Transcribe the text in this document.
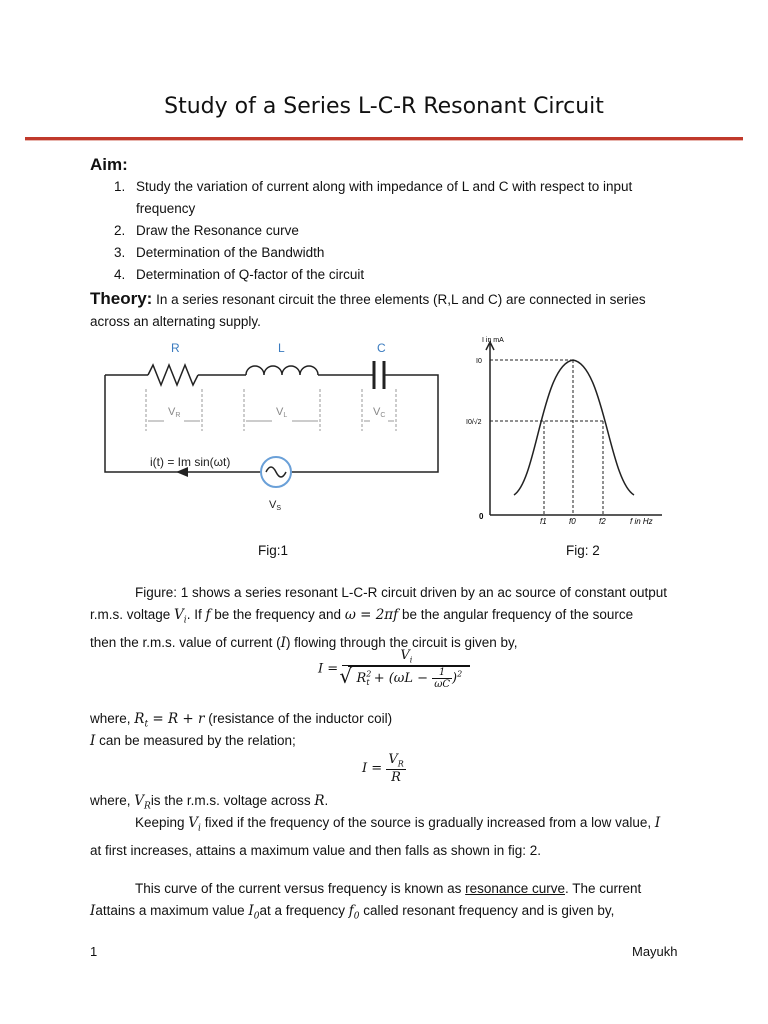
Study of a Series L-C-R Resonant Circuit
Aim:
1. Study the variation of current along with impedance of L and C with respect to input
frequency
2. Draw the Resonance curve
3. Determination of the Bandwidth
4. Determination of Q-factor of the circuit
Theory: In a series resonant circuit the three elements (R,L and C) are connected in series
across an alternating supply.
R	L	C
VR	VL	VC
i(t) = Im sin(ωt)
VS
I in mA
I0
I0/√2
0
f1	f0	f2	f in Hz
Fig:1	Fig: 2
Figure: 1 shows a series resonant L-C-R circuit driven by an ac source of constant output
r.m.s. voltage $V_i$. If f be the frequency and ω = 2πf be the angular frequency of the source
then the r.m.s. value of current (I) flowing through the circuit is given by,
$I = \frac{V_i}{√ R^2_t + (\omega L - \frac{1}{\omega C} )^2}$
where, $R_t = R + r$ (resistance of the inductor coil)
I can be measured by the relation;
$I = \frac{V_R}{R}$
where, $V_Ris$ the r.m.s. voltage across R.
Keeping $V_i$ fixed if the frequency of the source is gradually increased from a low value, I
at first increases, attains a maximum value and then falls as shown in fig: 2.
This curve of the current versus frequency is known as resonance curve. The current
Iattains a maximum value $I_0at$ a frequency $f_0$ called resonant frequency and is given by,
1	Mayukh
